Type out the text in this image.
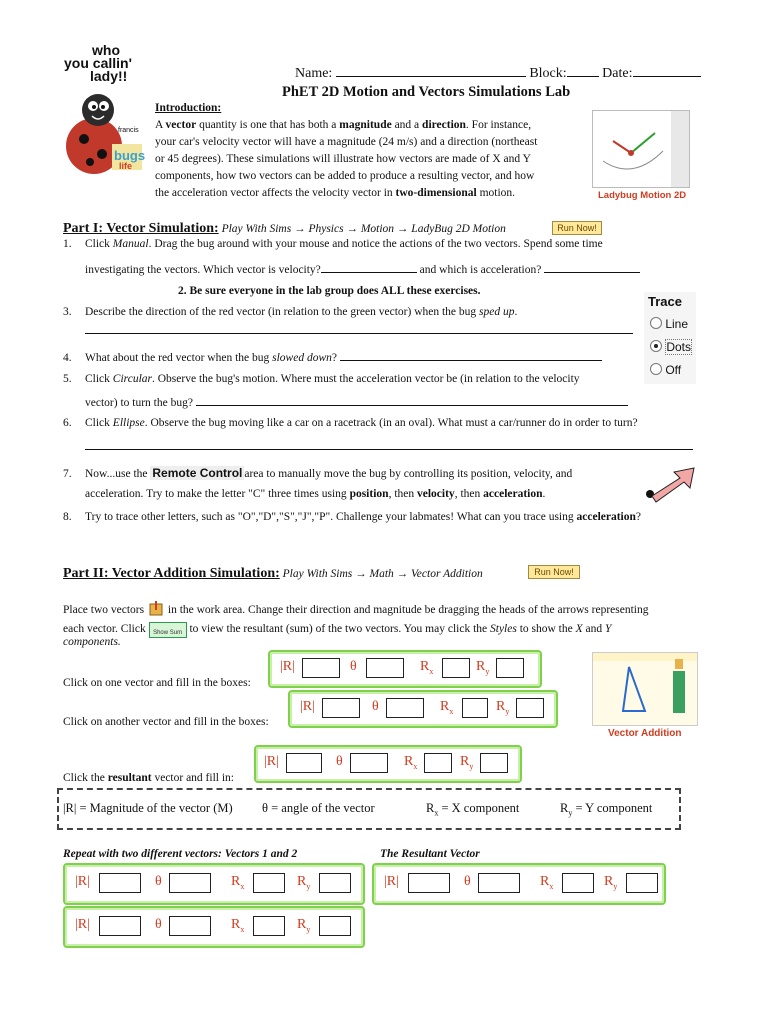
Name:	Block:	Date:
PhET 2D Motion and Vectors Simulations Lab
who
you callin'
lady!!
francis
bugs
life
Introduction:
A vector quantity is one that has both a magnitude and a direction. For instance,
your car's velocity vector will have a magnitude (24 m/s) and a direction (northeast
or 45 degrees). These simulations will illustrate how vectors are made of X and Y
components, how two vectors can be added to produce a resulting vector, and how
the acceleration vector affects the velocity vector in two-dimensional motion.	Ladybug Motion 2D
Part I: Vector Simulation: Play With Sims → Physics → Motion → LadyBug 2D Motion	Run Now!
1. Click Manual. Drag the bug around with your mouse and notice the actions of the two vectors. Spend some time
investigating the vectors. Which vector is velocity?	and which is acceleration?
2. Be sure everyone in the lab group does ALL these exercises.
3. Describe the direction of the red vector (in relation to the green vector) when the bug sped up.
4. What about the red vector when the bug slowed down?
5. Click Circular. Observe the bug's motion. Where must the acceleration vector be (in relation to the velocity
vector) to turn the bug?
Trace
Line
Dots
Off
6. Click Ellipse. Observe the bug moving like a car on a racetrack (in an oval). What must a car/runner do in order to turn?
7. Now...use the Remote Control area to manually move the bug by controlling its position, velocity, and
acceleration. Try to make the letter "C" three times using position, then velocity, then acceleration.
8. Try to trace other letters, such as "O","D","S","J","P". Challenge your labmates! What can you trace using acceleration?
Part II: Vector Addition Simulation: Play With Sims → Math → Vector Addition	Run Now!
Place two vectors in the work area. Change their direction and magnitude be dragging the heads of the arrows representing
each vector. Click Show Sum to view the resultant (sum) of the two vectors. You may click the Styles to show the X and Y
components.
Vector Addition
Click on one vector and fill in the boxes:
|R|	θ	$R_x$	$R_y$
Click on another vector and fill in the boxes:
|R|	θ	$R_x$	$R_y$
Click the resultant vector and fill in:
|R|	θ	$R_x$	$R_y$
|R| = Magnitude of the vector (M) θ = angle of the vector	$R_x = X$ component	$R_y = Y$ component
Repeat with two different vectors: Vectors 1 and 2	The Resultant Vector
|R|	θ	$R_x$	$R_y$
|R|	θ	$R_x$	$R_y$
|R|	θ	$R_x$	$R_y$
